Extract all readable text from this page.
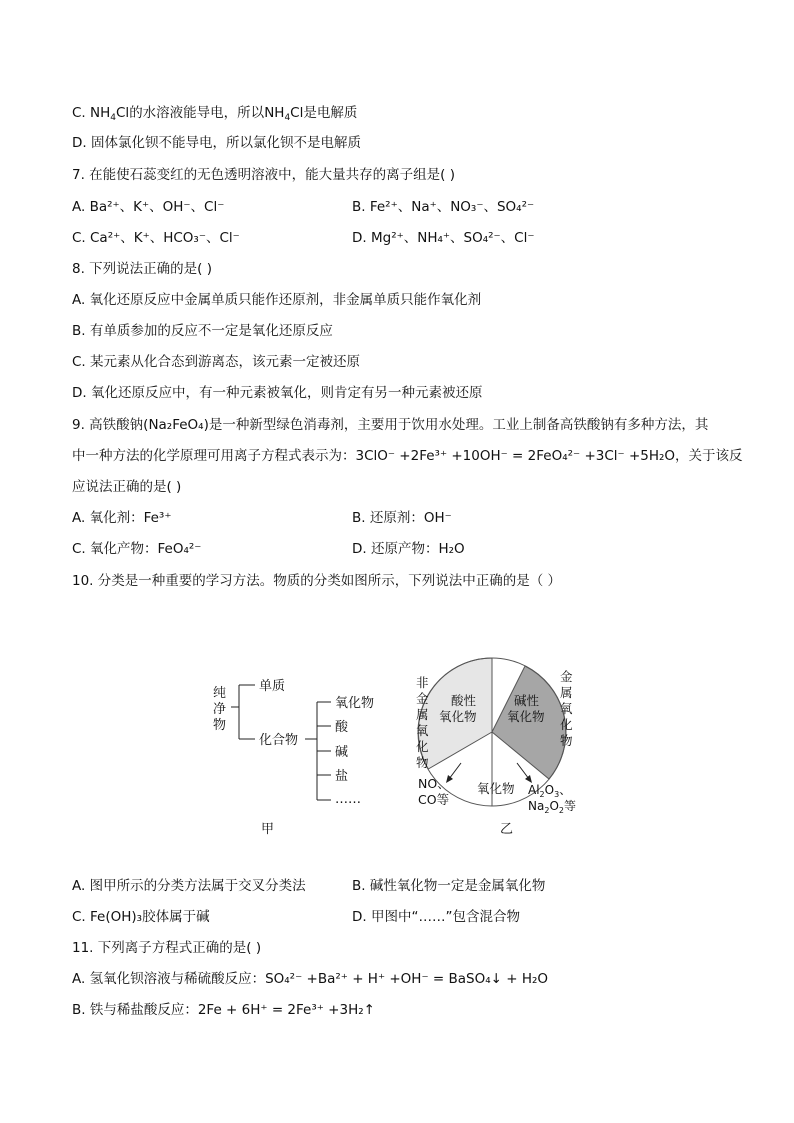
C. $NH_4Cl$的水溶液能导电，所以$NH_4Cl$是电解质
D. 固体氯化钡不能导电，所以氯化钡不是电解质
7. 在能使石蕊变红的无色透明溶液中，能大量共存的离子组是( )
A. Ba²⁺、K⁺、OH⁻、Cl⁻	B. Fe²⁺、Na⁺、NO₃⁻、SO₄²⁻
C. Ca²⁺、K⁺、HCO₃⁻、Cl⁻	D. Mg²⁺、NH₄⁺、SO₄²⁻、Cl⁻
8. 下列说法正确的是( )
A. 氧化还原反应中金属单质只能作还原剂，非金属单质只能作氧化剂
B. 有单质参加的反应不一定是氧化还原反应
C. 某元素从化合态到游离态，该元素一定被还原
D. 氧化还原反应中，有一种元素被氧化，则肯定有另一种元素被还原
9. 高铁酸钠(Na₂FeO₄)是一种新型绿色消毒剂，主要用于饮用水处理。工业上制备高铁酸钠有多种方法，其
中一种方法的化学原理可用离子方程式表示为：3ClO⁻ +2Fe³⁺ +10OH⁻ = 2FeO₄²⁻ +3Cl⁻ +5H₂O，关于该反
应说法正确的是( )
A. 氧化剂：Fe³⁺	B. 还原剂：OH⁻
C. 氧化产物：FeO₄²⁻	D. 还原产物：H₂O
10. 分类是一种重要的学习方法。物质的分类如图所示，下列说法中正确的是（ ）
纯
净
物
单质
化合物
氧化物
酸
碱
盐
……
甲
酸性
氧化物
碱性
氧化物
非
金
属
氧
化
物
金
属
氧
化
物
氧化物
NO、
CO等
$Al_2O_3$、
$Na_2O_2$等
乙
A. 图甲所示的分类方法属于交叉分类法	B. 碱性氧化物一定是金属氧化物
C. Fe(OH)₃胶体属于碱	D. 甲图中“……”包含混合物
11. 下列离子方程式正确的是( )
A. 氢氧化钡溶液与稀硫酸反应：SO₄²⁻ +Ba²⁺ + H⁺ +OH⁻ = BaSO₄↓ + H₂O
B. 铁与稀盐酸反应：2Fe + 6H⁺ = 2Fe³⁺ +3H₂↑
